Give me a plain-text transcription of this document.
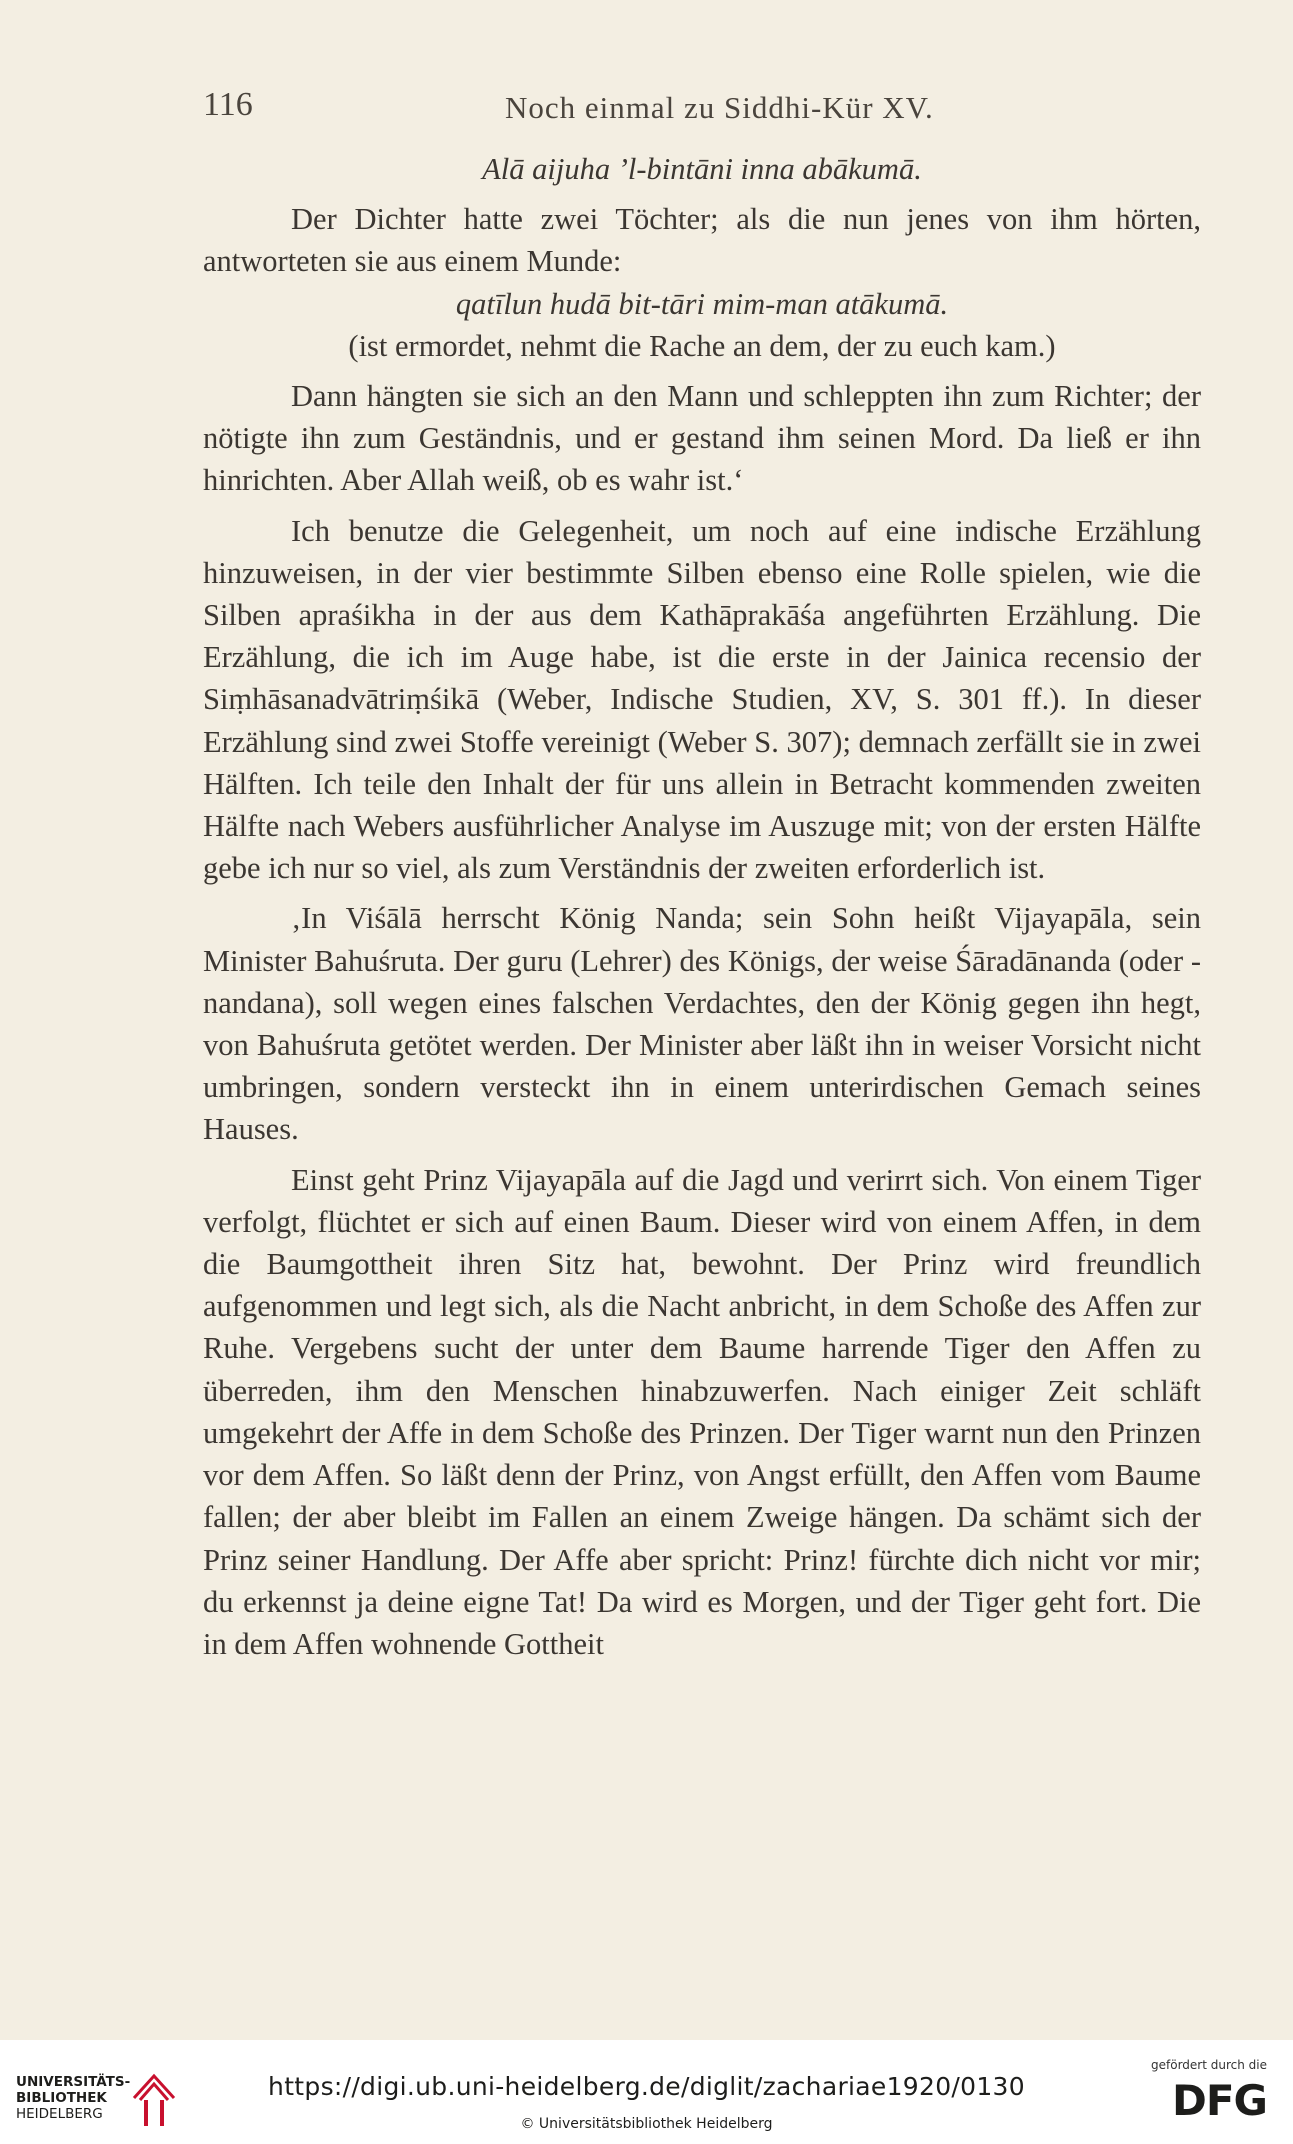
116	Noch einmal zu Siddhi-Kür XV.

Alā aijuha ’l-bintāni inna abākumā.

Der Dichter hatte zwei Töchter; als die nun jenes von ihm hörten, antworteten sie aus einem Munde:

qatīlun hudā bit-tāri mim-man atākumā.

(ist ermordet, nehmt die Rache an dem, der zu euch kam.)

Dann hängten sie sich an den Mann und schleppten ihn zum Richter; der nötigte ihn zum Geständnis, und er gestand ihm seinen Mord. Da ließ er ihn hinrichten. Aber Allah weiß, ob es wahr ist.‘

Ich benutze die Gelegenheit, um noch auf eine indische Erzählung hinzuweisen, in der vier bestimmte Silben ebenso eine Rolle spielen, wie die Silben apraśikha in der aus dem Kathāprakāśa angeführten Erzählung. Die Erzählung, die ich im Auge habe, ist die erste in der Jainica recensio der Siṃhāsanadvātriṃśikā (Weber, Indische Studien, XV, S. 301 ff.). In dieser Erzählung sind zwei Stoffe vereinigt (Weber S. 307); demnach zerfällt sie in zwei Hälften. Ich teile den Inhalt der für uns allein in Betracht kommenden zweiten Hälfte nach Webers ausführlicher Analyse im Auszuge mit; von der ersten Hälfte gebe ich nur so viel, als zum Verständnis der zweiten erforderlich ist.

‚In Viśālā herrscht König Nanda; sein Sohn heißt Vijayapāla, sein Minister Bahuśruta. Der guru (Lehrer) des Königs, der weise Śāradānanda (oder -nandana), soll wegen eines falschen Verdachtes, den der König gegen ihn hegt, von Bahuśruta getötet werden. Der Minister aber läßt ihn in weiser Vorsicht nicht umbringen, sondern versteckt ihn in einem unterirdischen Gemach seines Hauses.

Einst geht Prinz Vijayapāla auf die Jagd und verirrt sich. Von einem Tiger verfolgt, flüchtet er sich auf einen Baum. Dieser wird von einem Affen, in dem die Baumgottheit ihren Sitz hat, bewohnt. Der Prinz wird freundlich aufgenommen und legt sich, als die Nacht anbricht, in dem Schoße des Affen zur Ruhe. Vergebens sucht der unter dem Baume harrende Tiger den Affen zu überreden, ihm den Menschen hinabzuwerfen. Nach einiger Zeit schläft umgekehrt der Affe in dem Schoße des Prinzen. Der Tiger warnt nun den Prinzen vor dem Affen. So läßt denn der Prinz, von Angst erfüllt, den Affen vom Baume fallen; der aber bleibt im Fallen an einem Zweige hängen. Da schämt sich der Prinz seiner Handlung. Der Affe aber spricht: Prinz! fürchte dich nicht vor mir; du erkennst ja deine eigne Tat! Da wird es Morgen, und der Tiger geht fort. Die in dem Affen wohnende Gottheit

UNIVERSITÄTS-
BIBLIOTHEK
HEIDELBERG
https://digi.ub.uni-heidelberg.de/diglit/zachariae1920/0130
© Universitätsbibliothek Heidelberg
gefördert durch die
DFG
